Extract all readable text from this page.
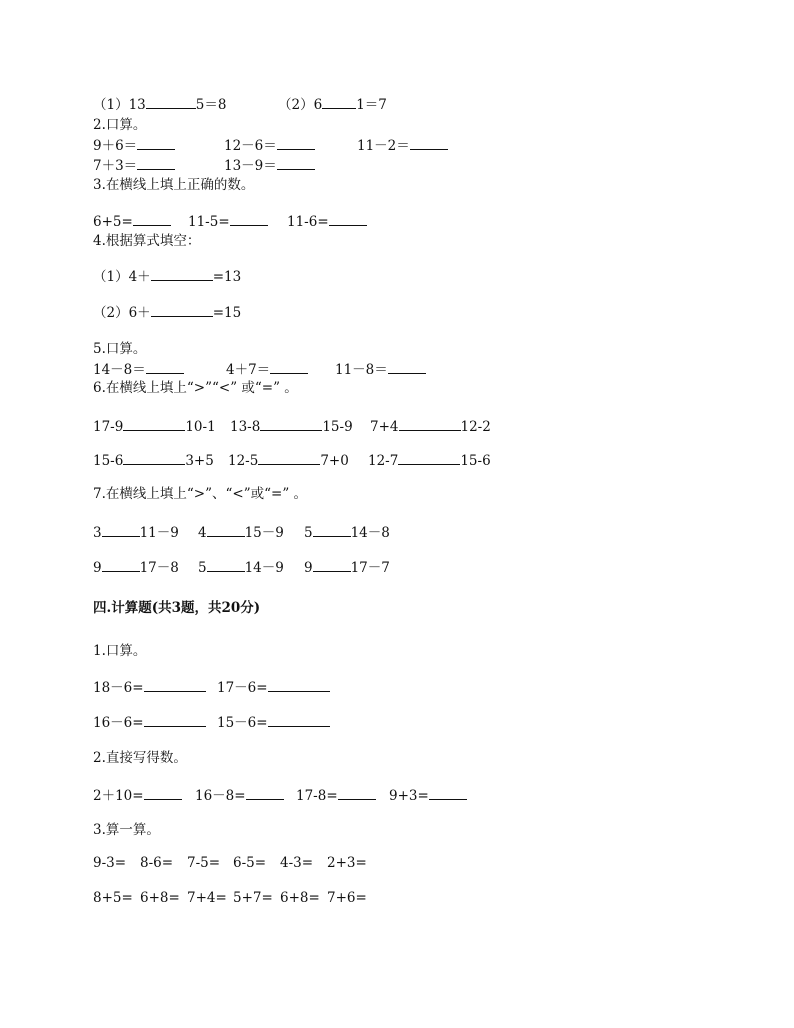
（1）13	5＝8	（2）6	1＝7
2.口算。
9＋6＝	12－6＝	11－2＝
7＋3＝	13－9＝
3.在横线上填上正确的数。
6+5=	11-5=	11-6=
4.根据算式填空：
（1）4＋	=13
（2）6＋	=15
5.口算。
14－8＝	4＋7＝	11－8＝
6.在横线上填上“>”“<” 或“=” 。
17-9	10-1 13-8	15-9 7+4	12-2
15-6	3+5 12-5	7+0 12-7	15-6
7.在横线上填上“>”、“<”或“=” 。
3	11－9 4	15－9 5	14－8
9	17－8 5	14－9 9	17－7
四.计算题(共3题，共20分)
1.口算。
18－6=	17－6=
16－6=	15－6=
2.直接写得数。
2＋10=	16－8=	17-8=	9+3=
3.算一算。
9-3= 8-6= 7-5= 6-5= 4-3= 2+3=
8+5= 6+8= 7+4= 5+7= 6+8= 7+6=
